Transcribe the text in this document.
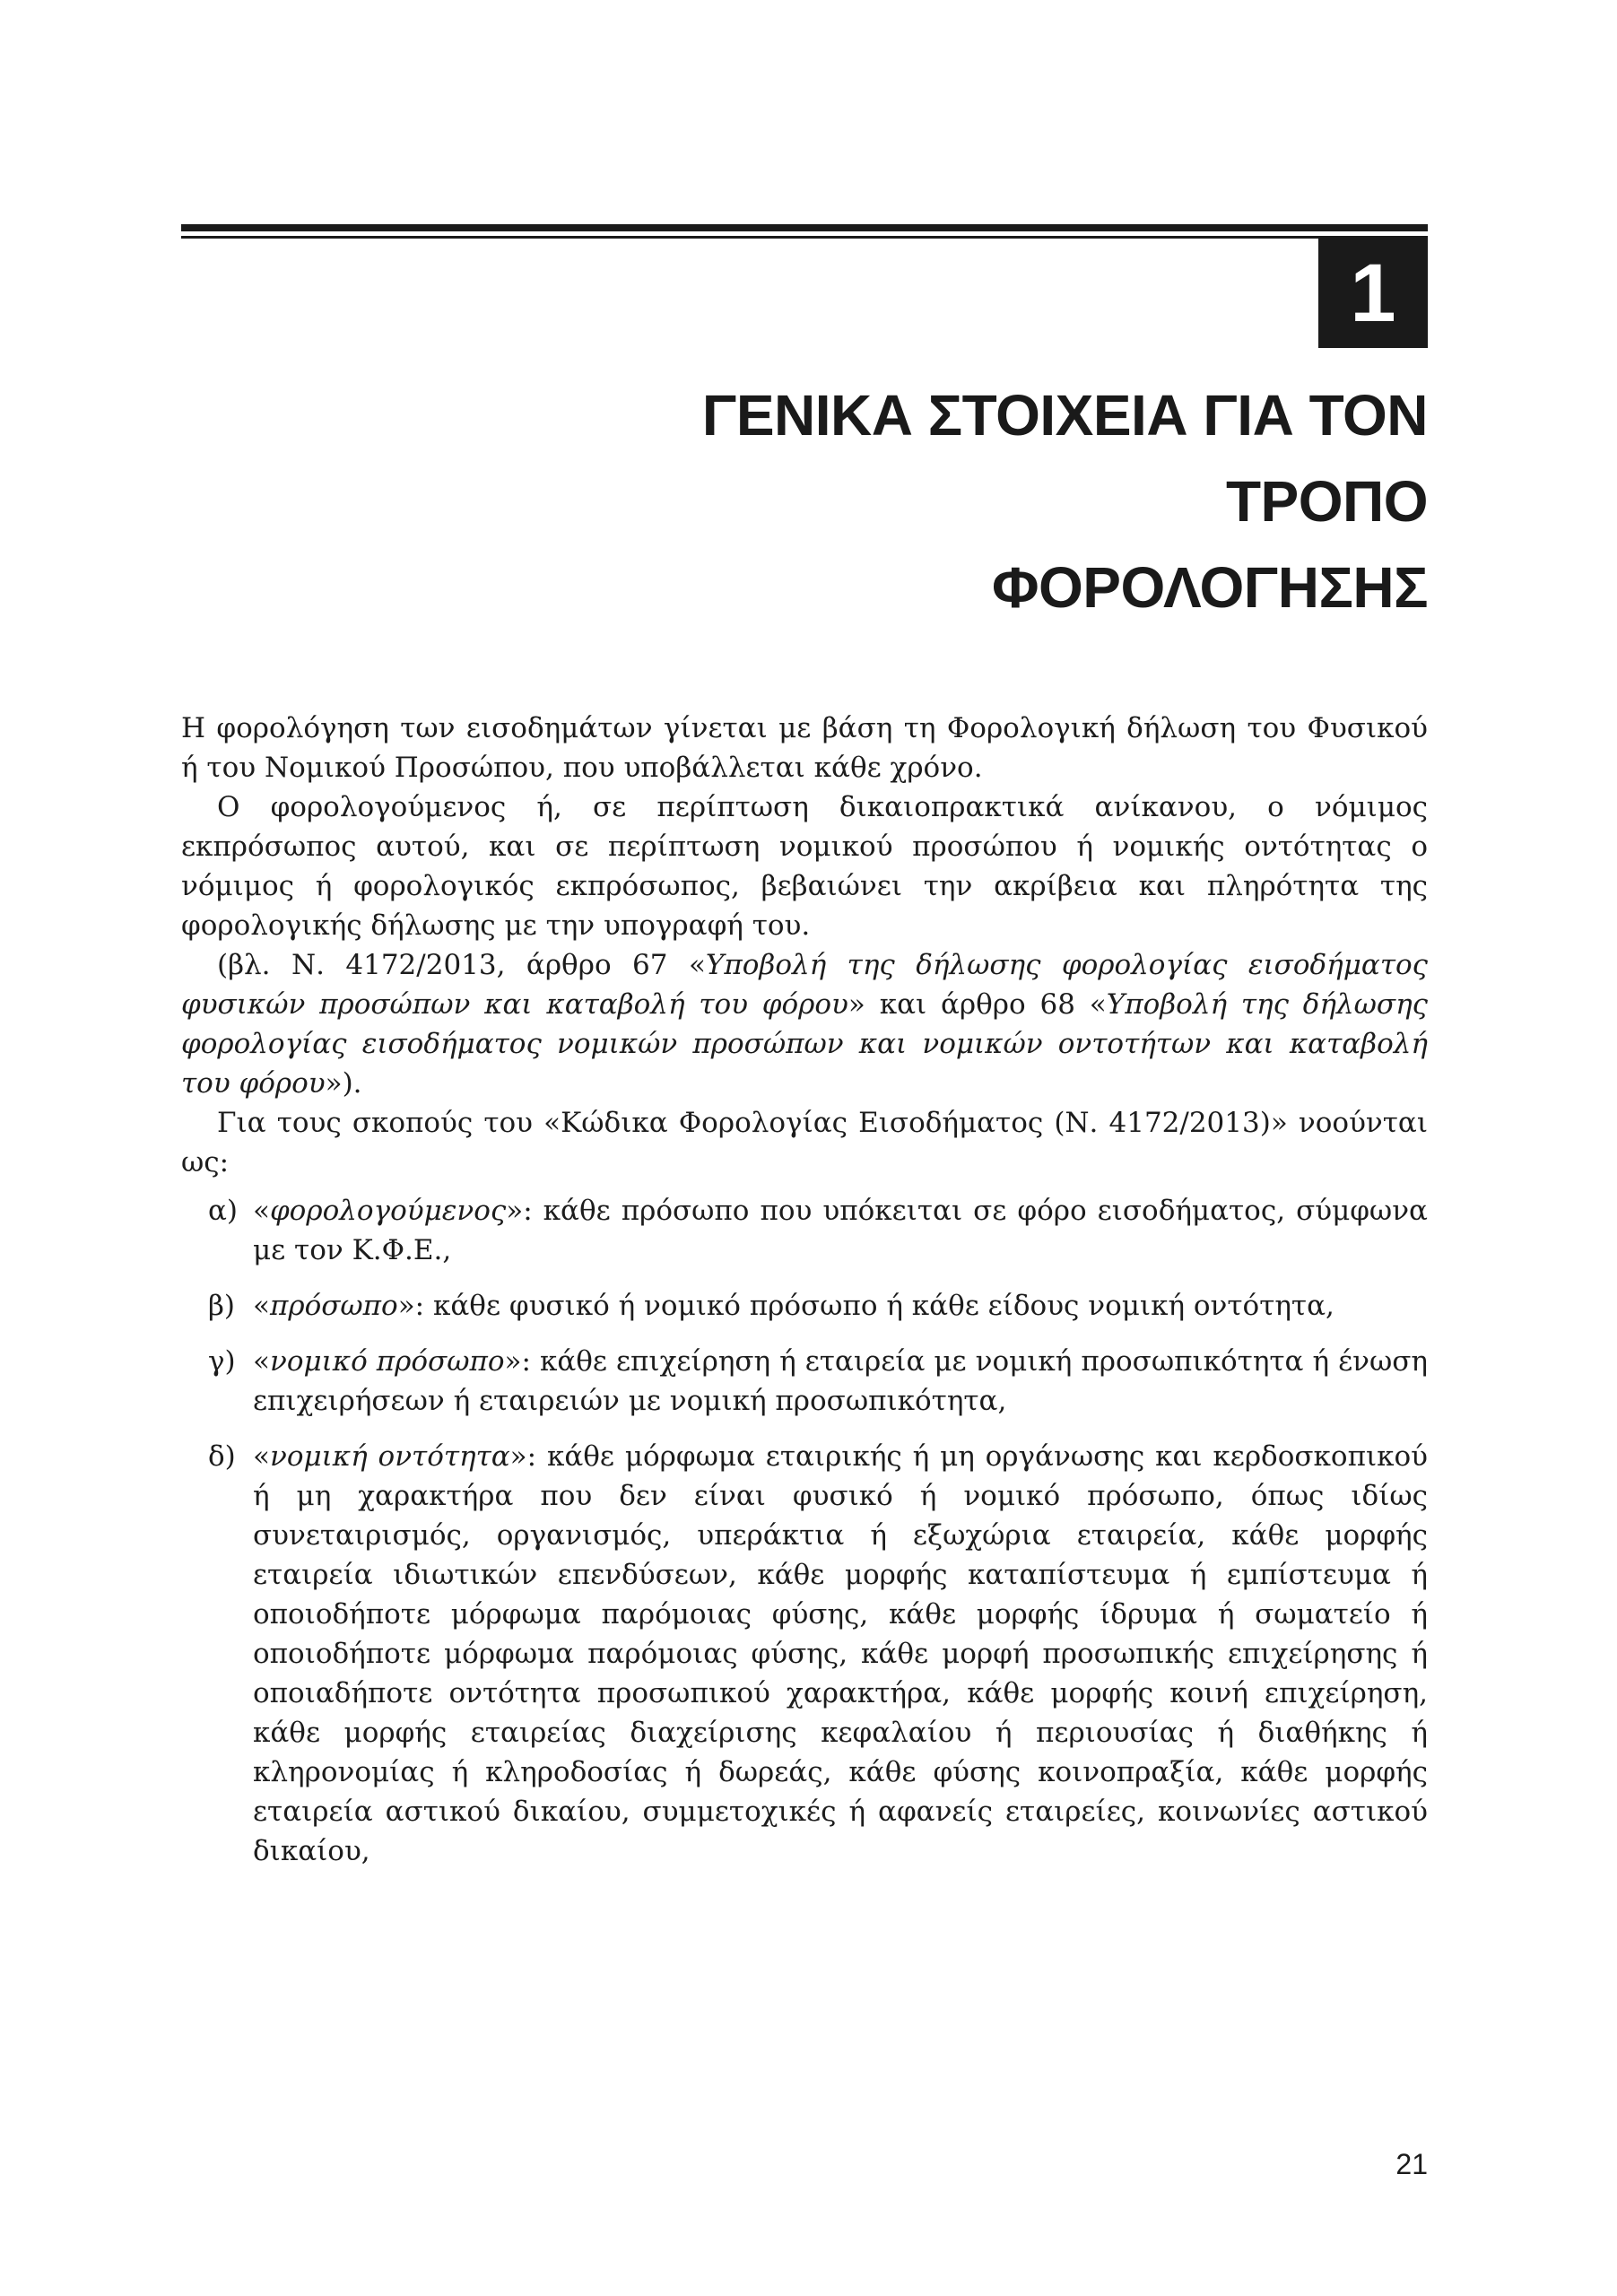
1
ΓΕΝΙΚΑ ΣΤΟΙΧΕΙΑ ΓΙΑ ΤΟΝ ΤΡΟΠΟ
ΦΟΡΟΛΟΓΗΣΗΣ

Η φορολόγηση των εισοδημάτων γίνεται με βάση τη Φορολογική δήλωση του Φυσικού ή του Νομικού Προσώπου, που υποβάλλεται κάθε χρόνο.

Ο φορολογούμενος ή, σε περίπτωση δικαιοπρακτικά ανίκανου, ο νόμιμος εκπρόσωπος αυτού, και σε περίπτωση νομικού προσώπου ή νομικής οντότητας ο νόμιμος ή φορολογικός εκπρόσωπος, βεβαιώνει την ακρίβεια και πληρότητα της φορολογικής δήλωσης με την υπογραφή του.

(βλ. Ν. 4172/2013, άρθρο 67 «Υποβολή της δήλωσης φορολογίας εισοδήματος φυσικών προσώπων και καταβολή του φόρου» και άρθρο 68 «Υποβολή της δήλωσης φορολογίας εισοδήματος νομικών προσώπων και νομικών οντοτήτων και καταβολή του φόρου»).

Για τους σκοπούς του «Κώδικα Φορολογίας Εισοδήματος (Ν. 4172/2013)» νοούνται ως:

α) «φορολογούμενος»: κάθε πρόσωπο που υπόκειται σε φόρο εισοδήματος, σύμφωνα με τον Κ.Φ.Ε.,
β) «πρόσωπο»: κάθε φυσικό ή νομικό πρόσωπο ή κάθε είδους νομική οντότητα,
γ) «νομικό πρόσωπο»: κάθε επιχείρηση ή εταιρεία με νομική προσωπικότητα ή ένωση επιχειρήσεων ή εταιρειών με νομική προσωπικότητα,
δ) «νομική οντότητα»: κάθε μόρφωμα εταιρικής ή μη οργάνωσης και κερδοσκοπικού ή μη χαρακτήρα που δεν είναι φυσικό ή νομικό πρόσωπο, όπως ιδίως συνεταιρισμός, οργανισμός, υπεράκτια ή εξωχώρια εταιρεία, κάθε μορφής εταιρεία ιδιωτικών επενδύσεων, κάθε μορφής καταπίστευμα ή εμπίστευμα ή οποιοδήποτε μόρφωμα παρόμοιας φύσης, κάθε μορφής ίδρυμα ή σωματείο ή οποιοδήποτε μόρφωμα παρόμοιας φύσης, κάθε μορφή προσωπικής επιχείρησης ή οποιαδήποτε οντότητα προσωπικού χαρακτήρα, κάθε μορφής κοινή επιχείρηση, κάθε μορφής εταιρείας διαχείρισης κεφαλαίου ή περιουσίας ή διαθήκης ή κληρονομίας ή κληροδοσίας ή δωρεάς, κάθε φύσης κοινοπραξία, κάθε μορφής εταιρεία αστικού δικαίου, συμμετοχικές ή αφανείς εταιρείες, κοινωνίες αστικού δικαίου,
21
